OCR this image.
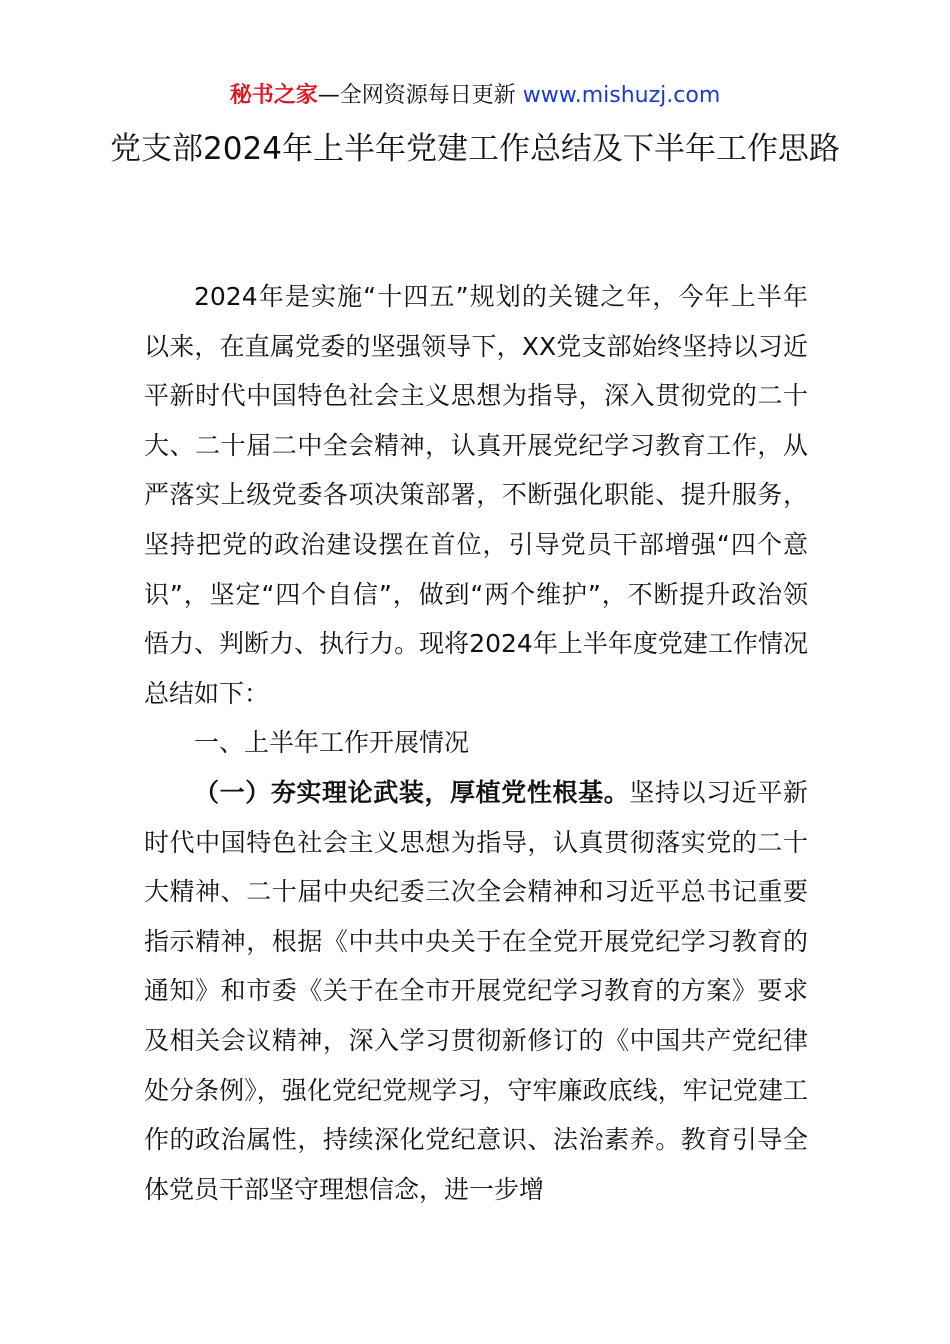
秘书之家—全网资源每日更新 www.mishuzj.com
党支部2024年上半年党建工作总结及下半年工作思路

2024年是实施“十四五”规划的关键之年，今年上半年以来，在直属党委的坚强领导下，XX党支部始终坚持以习近平新时代中国特色社会主义思想为指导，深入贯彻党的二十大、二十届二中全会精神，认真开展党纪学习教育工作，从严落实上级党委各项决策部署，不断强化职能、提升服务，坚持把党的政治建设摆在首位，引导党员干部增强“四个意识”，坚定“四个自信”，做到“两个维护”，不断提升政治领悟力、判断力、执行力。现将2024年上半年度党建工作情况总结如下：

一、上半年工作开展情况

（一）夯实理论武装，厚植党性根基。坚持以习近平新时代中国特色社会主义思想为指导，认真贯彻落实党的二十大精神、二十届中央纪委三次全会精神和习近平总书记重要指示精神，根据《中共中央关于在全党开展党纪学习教育的通知》和市委《关于在全市开展党纪学习教育的方案》要求及相关会议精神，深入学习贯彻新修订的《中国共产党纪律处分条例》，强化党纪党规学习，守牢廉政底线，牢记党建工作的政治属性，持续深化党纪意识、法治素养。教育引导全体党员干部坚守理想信念，进一步增
